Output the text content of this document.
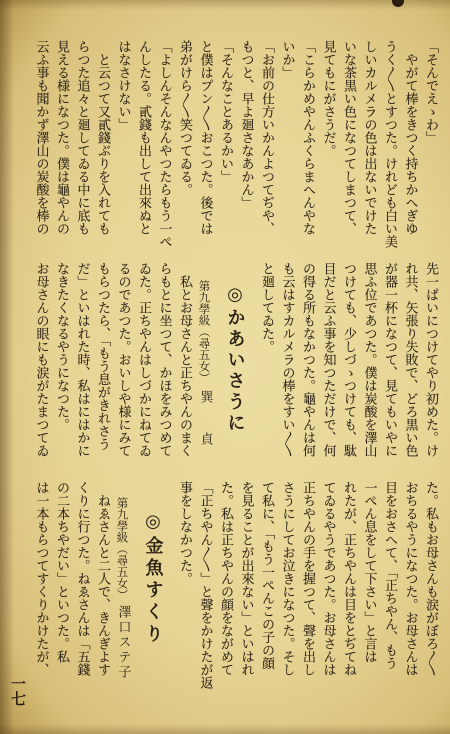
「そんでえゝわ」
やがて棒をきつく持ちかへぎゆ
うく〳〵とすつた。けれども白い美
しいカルメラの色は出ないでけた
いな茶黒い色になつてしまつて、
見てもにがさうだ。
「こらかめやんふくらまへんやな
いか」
「お前の仕方いかんよつてぢや、
もつと、早よ廻さなあかん」
「そんなことあるかい」
と僕はプン〳〵おこつた。後では
弟がけら〳〵笑つてゐる。
「よしんそんなんやつたらもう一ぺ
んしたる。貳錢も出して出來ぬと
はなさけない」
と云つて又貳錢ぶりを入れても
らつた追々と廻してゐる中に底も
見える様になつた。僕は龜やんの
云ふ事も聞かず澤山の炭酸を棒の
先一ぱいにつけてやり初めた。け
れ共、矢張り失敗で、どろ黒い色
が器一杯になつて、見てもいやに
思ふ位であつた。僕は炭酸を澤山
つけても、少しづゝつけても、駄
目だと云ふ事を知つただけで、何
の得る所もなかつた。龜やんは何
も云はすカルメラの棒をすい〳〵
と廻してゐた。
◎かあいさうに
第九學級（尋五女）巽　貞
私とお母さんと正ちやんのまく
らもとに坐つて、かほをみつめて
ゐた。正ちやんはしづかにねてゐ
るのであつた。おいしや様にみて
もらつたら、「もう息がきれさう
だ」といはれた時、私はにはかに
なきたくなるやうになつた。
お母さんの眼にも涙がたまつてゐ
た。私もお母さんも涙がぼろ〳〵
おちるやうになつた。お母さんは
目をおさへて、「正ちやん、もう
一ぺん息をして下さい」と言は
れたが、正ちやんは目をとぢてね
てゐるやうであつた。お母さんは
正ちやんの手を握つて、聲を出し
さうにしてお泣きになつた。そし
て私に、「もう一ぺんこの子の顔
を見ることが出來ない」といはれ
た。私は正ちやんの顔をながめて
「正ちやん〳〵」と聲をかけたが返
事をしなかつた。
◎金魚すくり
第九學級（尋五女）澤口ステ子
ねゑさんと二人で、きんぎよす
くりに行つた。ねゑさんは「五錢
の二本ちやだい」といつた。私
は一本もらつてすくりかけたが、
一七
